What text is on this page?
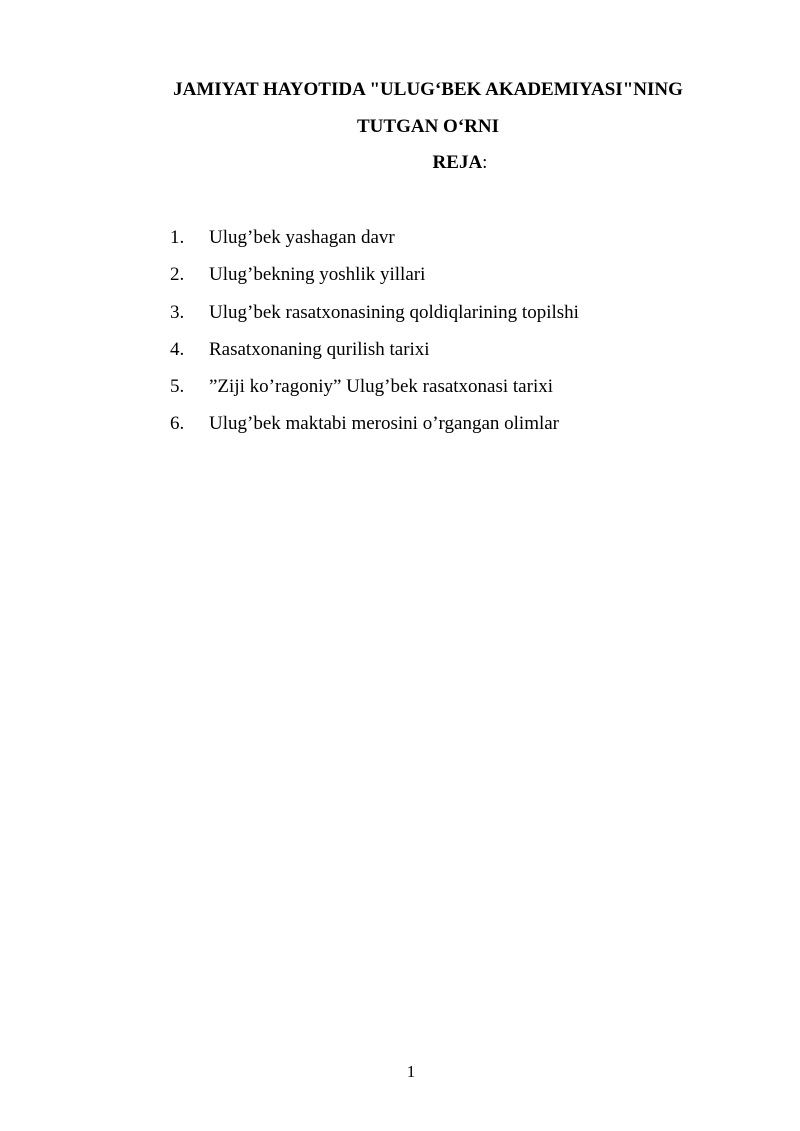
JAMIYAT HAYOTIDA "ULUG‘BEK AKADEMIYASI"NING
TUTGAN O‘RNI
REJA:
1. Ulug’bek yashagan davr
2. Ulug’bekning yoshlik yillari
3. Ulug’bek rasatxonasining qoldiqlarining topilshi
4. Rasatxonaning qurilish tarixi
5. ”Ziji ko’ragoniy” Ulug’bek rasatxonasi tarixi
6. Ulug’bek maktabi merosini o’rgangan olimlar
1
